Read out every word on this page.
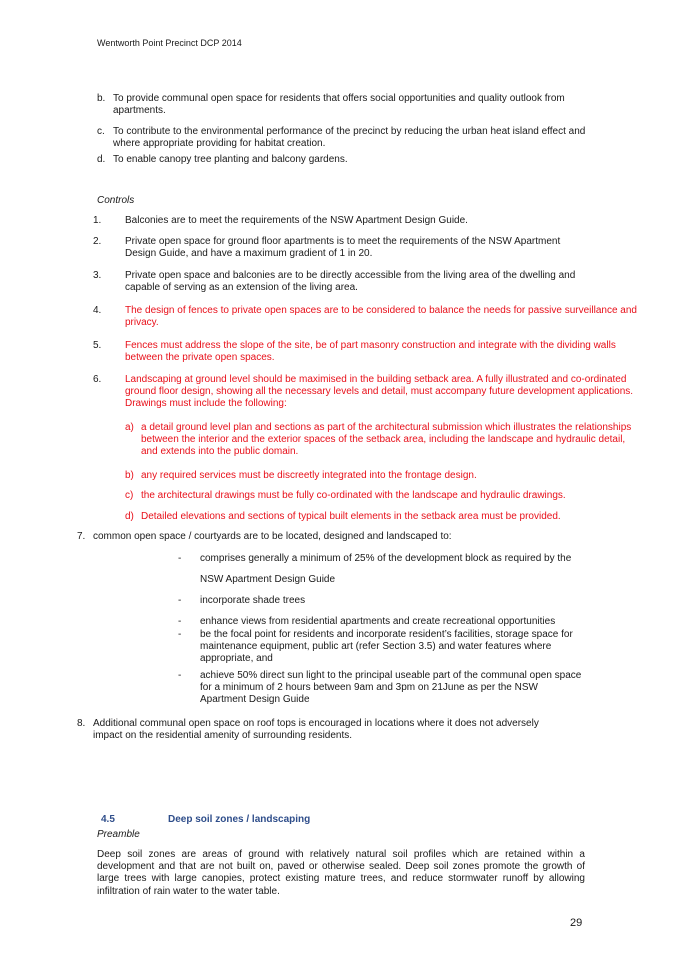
Wentworth Point Precinct DCP 2014
b. To provide communal open space for residents that offers social opportunities and quality outlook from apartments.

c. To contribute to the environmental performance of the precinct by reducing the urban heat island effect and where appropriate providing for habitat creation.

d. To enable canopy tree planting and balcony gardens.

Controls
1. Balconies are to meet the requirements of the NSW Apartment Design Guide.

2. Private open space for ground floor apartments is to meet the requirements of the NSW Apartment Design Guide, and have a maximum gradient of 1 in 20.

3. Private open space and balconies are to be directly accessible from the living area of the dwelling and capable of serving as an extension of the living area.

4. The design of fences to private open spaces are to be considered to balance the needs for passive surveillance and privacy.

5. Fences must address the slope of the site, be of part masonry construction and integrate with the dividing walls between the private open spaces.

6. Landscaping at ground level should be maximised in the building setback area. A fully illustrated and co-ordinated ground floor design, showing all the necessary levels and detail, must accompany future development applications. Drawings must include the following:

a) a detail ground level plan and sections as part of the architectural submission which illustrates the relationships between the interior and the exterior spaces of the setback area, including the landscape and hydraulic detail, and extends into the public domain.

b) any required services must be discreetly integrated into the frontage design.

c) the architectural drawings must be fully co-ordinated with the landscape and hydraulic drawings.

d) Detailed elevations and sections of typical built elements in the setback area must be provided.

7. common open space / courtyards are to be located, designed and landscaped to:

- comprises generally a minimum of 25% of the development block as required by the

NSW Apartment Design Guide

- incorporate shade trees

- enhance views from residential apartments and create recreational opportunities

- be the focal point for residents and incorporate resident’s facilities, storage space for maintenance equipment, public art (refer Section 3.5) and water features where appropriate, and

- achieve 50% direct sun light to the principal useable part of the communal open space for a minimum of 2 hours between 9am and 3pm on 21June as per the NSW Apartment Design Guide

8. Additional communal open space on roof tops is encouraged in locations where it does not adversely impact on the residential amenity of surrounding residents.

4.5	Deep soil zones / landscaping
Preamble

Deep soil zones are areas of ground with relatively natural soil profiles which are retained within a development and that are not built on, paved or otherwise sealed. Deep soil zones promote the growth of large trees with large canopies, protect existing mature trees, and reduce stormwater runoff by allowing infiltration of rain water to the water table.

29
